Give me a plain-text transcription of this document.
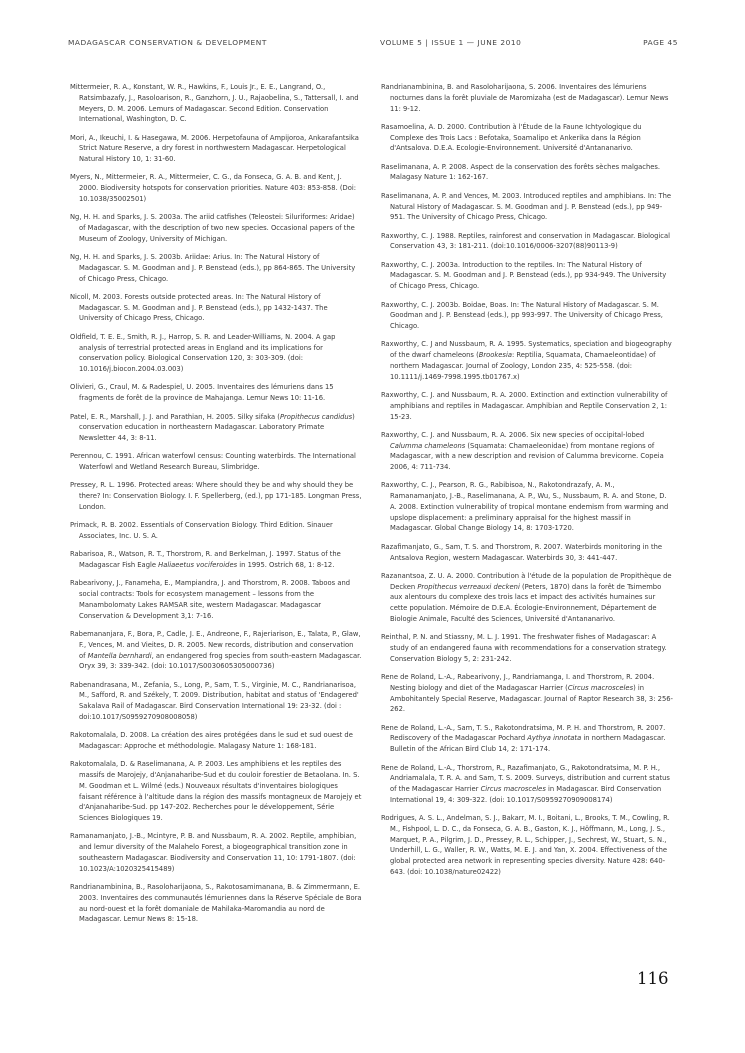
MADAGASCAR CONSERVATION & DEVELOPMENT	VOLUME 5 | ISSUE 1 — JUNE 2010	PAGE 45

Mittermeier, R. A., Konstant, W. R., Hawkins, F., Louis Jr., E. E., Langrand, O., Ratsimbazafy, J., Rasoloarison, R., Ganzhorn, J. U., Rajaobelina, S., Tattersall, I. and Meyers, D. M. 2006. Lemurs of Madagascar. Second Edition. Conservation International, Washington, D. C.

Mori, A., Ikeuchi, I. & Hasegawa, M. 2006. Herpetofauna of Ampijoroa, Ankarafantsika Strict Nature Reserve, a dry forest in northwestern Madagascar. Herpetological Natural History 10, 1: 31-60.

Myers, N., Mittermeier, R. A., Mittermeier, C. G., da Fonseca, G. A. B. and Kent, J. 2000. Biodiversity hotspots for conservation priorities. Nature 403: 853-858. (Doi: 10.1038/35002501)

Ng, H. H. and Sparks, J. S. 2003a. The ariid catfishes (Teleostei: Siluriformes: Aridae) of Madagascar, with the description of two new species. Occasional papers of the Museum of Zoology, University of Michigan.

Ng, H. H. and Sparks, J. S. 2003b. Ariidae: Arius. In: The Natural History of Madagascar. S. M. Goodman and J. P. Benstead (eds.), pp 864-865. The University of Chicago Press, Chicago.

Nicoll, M. 2003. Forests outside protected areas. In: The Natural History of Madagascar. S. M. Goodman and J. P. Benstead (eds.), pp 1432-1437. The University of Chicago Press, Chicago.

Oldfield, T. E. E., Smith, R. J., Harrop, S. R. and Leader-Williams, N. 2004. A gap analysis of terrestrial protected areas in England and its implications for conservation policy. Biological Conservation 120, 3: 303-309. (doi: 10.1016/j.biocon.2004.03.003)

Olivieri, G., Craul, M. & Radespiel, U. 2005. Inventaires des lémuriens dans 15 fragments de forêt de la province de Mahajanga. Lemur News 10: 11-16.

Patel, E. R., Marshall, J. J. and Parathian, H. 2005. Silky sifaka (Propithecus candidus) conservation education in northeastern Madagascar. Laboratory Primate Newsletter 44, 3: 8-11.

Perennou, C. 1991. African waterfowl census: Counting waterbirds. The International Waterfowl and Wetland Research Bureau, Slimbridge.

Pressey, R. L. 1996. Protected areas: Where should they be and why should they be there? In: Conservation Biology. I. F. Spellerberg, (ed.), pp 171-185. Longman Press, London.

Primack, R. B. 2002. Essentials of Conservation Biology. Third Edition. Sinauer Associates, Inc. U. S. A.

Rabarisoa, R., Watson, R. T., Thorstrom, R. and Berkelman, J. 1997. Status of the Madagascar Fish Eagle Haliaeetus vociferoides in 1995. Ostrich 68, 1: 8-12.

Rabearivony, J., Fanameha, E., Mampiandra, J. and Thorstrom, R. 2008. Taboos and social contracts: Tools for ecosystem management – lessons from the Manambolomaty Lakes RAMSAR site, western Madagascar. Madagascar Conservation & Development 3,1: 7-16.

Rabemananjara, F., Bora, P., Cadle, J. E., Andreone, F., Rajeriarison, E., Talata, P., Glaw, F., Vences, M. and Vieites, D. R. 2005. New records, distribution and conservation of Mantella bernhardi, an endangered frog species from south-eastern Madagascar. Oryx 39, 3: 339-342. (doi: 10.1017/S0030605305000736)

Rabenandrasana, M., Zefania, S., Long, P., Sam, T. S., Virginie, M. C., Randrianarisoa, M., Safford, R. and Székely, T. 2009. Distribution, habitat and status of 'Endagered' Sakalava Rail of Madagascar. Bird Conservation International 19: 23-32. (doi : doi:10.1017/S0959270908008058)

Rakotomalala, D. 2008. La création des aires protégées dans le sud et sud ouest de Madagascar: Approche et méthodologie. Malagasy Nature 1: 168-181.

Rakotomalala, D. & Raselimanana, A. P. 2003. Les amphibiens et les reptiles des massifs de Marojejy, d'Anjanaharibe-Sud et du couloir forestier de Betaolana. In. S. M. Goodman et L. Wilmé (eds.) Nouveaux résultats d'inventaires biologiques faisant référence à l'altitude dans la région des massifs montagneux de Marojejy et d'Anjanaharibe-Sud. pp 147-202. Recherches pour le développement, Série Sciences Biologiques 19.

Ramanamanjato, J.-B., Mcintyre, P. B. and Nussbaum, R. A. 2002. Reptile, amphibian, and lemur diversity of the Malahelo Forest, a biogeographical transition zone in southeastern Madagascar. Biodiversity and Conservation 11, 10: 1791-1807. (doi: 10.1023/A:1020325415489)

Randrianambinina, B., Rasoloharijaona, S., Rakotosamimanana, B. & Zimmermann, E. 2003. Inventaires des communautés lémuriennes dans la Réserve Spéciale de Bora au nord-ouest et la forêt domaniale de Mahilaka-Maromandia au nord de Madagascar. Lemur News 8: 15-18.

Randrianambinina, B. and Rasoloharijaona, S. 2006. Inventaires des lémuriens nocturnes dans la forêt pluviale de Maromizaha (est de Madagascar). Lemur News 11: 9-12.

Rasamoelina, A. D. 2000. Contribution à l'Étude de la Faune Ichtyologique du Complexe des Trois Lacs : Befotaka, Soamalipo et Ankerika dans la Région d'Antsalova. D.E.A. Ecologie-Environnement. Université d'Antananarivo.

Raselimanana, A. P. 2008. Aspect de la conservation des forêts sèches malgaches. Malagasy Nature 1: 162-167.

Raselimanana, A. P. and Vences, M. 2003. Introduced reptiles and amphibians. In: The Natural History of Madagascar. S. M. Goodman and J. P. Benstead (eds.), pp 949-951. The University of Chicago Press, Chicago.

Raxworthy, C. J. 1988. Reptiles, rainforest and conservation in Madagascar. Biological Conservation 43, 3: 181-211. (doi:10.1016/0006-3207(88)90113-9)

Raxworthy, C. J. 2003a. Introduction to the reptiles. In: The Natural History of Madagascar. S. M. Goodman and J. P. Benstead (eds.), pp 934-949. The University of Chicago Press, Chicago.

Raxworthy, C. J. 2003b. Boidae, Boas. In: The Natural History of Madagascar. S. M. Goodman and J. P. Benstead (eds.), pp 993-997. The University of Chicago Press, Chicago.

Raxworthy, C. J and Nussbaum, R. A. 1995. Systematics, speciation and biogeography of the dwarf chameleons (Brookesia: Reptilia, Squamata, Chamaeleontidae) of northern Madagascar. Journal of Zoology, London 235, 4: 525-558. (doi: 10.1111/j.1469-7998.1995.tb01767.x)

Raxworthy, C. J. and Nussbaum, R. A. 2000. Extinction and extinction vulnerability of amphibians and reptiles in Madagascar. Amphibian and Reptile Conservation 2, 1: 15-23.

Raxworthy, C. J. and Nussbaum, R. A. 2006. Six new species of occipital-lobed Calumma chameleons (Squamata: Chamaeleonidae) from montane regions of Madagascar, with a new description and revision of Calumma brevicorne. Copeia 2006, 4: 711-734.

Raxworthy, C. J., Pearson, R. G., Rabibisoa, N., Rakotondrazafy, A. M., Ramanamanjato, J.-B., Raselimanana, A. P., Wu, S., Nussbaum, R. A. and Stone, D. A. 2008. Extinction vulnerability of tropical montane endemism from warming and upslope displacement: a preliminary appraisal for the highest massif in Madagascar. Global Change Biology 14, 8: 1703-1720.

Razafimanjato, G., Sam, T. S. and Thorstrom, R. 2007. Waterbirds monitoring in the Antsalova Region, western Madagascar. Waterbirds 30, 3: 441-447.

Razanantsoa, Z. U. A. 2000. Contribution à l'étude de la population de Propithèque de Decken Propithecus verreauxi deckeni (Peters, 1870) dans la forêt de Tsimembo aux alentours du complexe des trois lacs et impact des activités humaines sur cette population. Mémoire de D.E.A. Écologie-Environnement, Département de Biologie Animale, Faculté des Sciences, Université d'Antananarivo.

Reinthal, P. N. and Stiassny, M. L. J. 1991. The freshwater fishes of Madagascar: A study of an endangered fauna with recommendations for a conservation strategy. Conservation Biology 5, 2: 231-242.

Rene de Roland, L.-A., Rabearivony, J., Randriamanga, I. and Thorstrom, R. 2004. Nesting biology and diet of the Madagascar Harrier (Circus macrosceles) in Ambohitantely Special Reserve, Madagascar. Journal of Raptor Research 38, 3: 256-262.

Rene de Roland, L.-A., Sam, T. S., Rakotondratsima, M. P. H. and Thorstrom, R. 2007. Rediscovery of the Madagascar Pochard Aythya innotata in northern Madagascar. Bulletin of the African Bird Club 14, 2: 171-174.

Rene de Roland, L.-A., Thorstrom, R., Razafimanjato, G., Rakotondratsima, M. P. H., Andriamalala, T. R. A. and Sam, T. S. 2009. Surveys, distribution and current status of the Madagascar Harrier Circus macrosceles in Madagascar. Bird Conservation International 19, 4: 309-322. (doi: 10.1017/S0959270909008174)

Rodrigues, A. S. L., Andelman, S. J., Bakarr, M. I., Boitani, L., Brooks, T. M., Cowling, R. M., Fishpool, L. D. C., da Fonseca, G. A. B., Gaston, K. J., Höffmann, M., Long, J. S., Marquet, P. A., Pilgrim, J. D., Pressey, R. L., Schipper, J., Sechrest, W., Stuart, S. N., Underhill, L. G., Waller, R. W., Watts, M. E. J. and Yan, X. 2004. Effectiveness of the global protected area network in representing species diversity. Nature 428: 640-643. (doi: 10.1038/nature02422)

116
